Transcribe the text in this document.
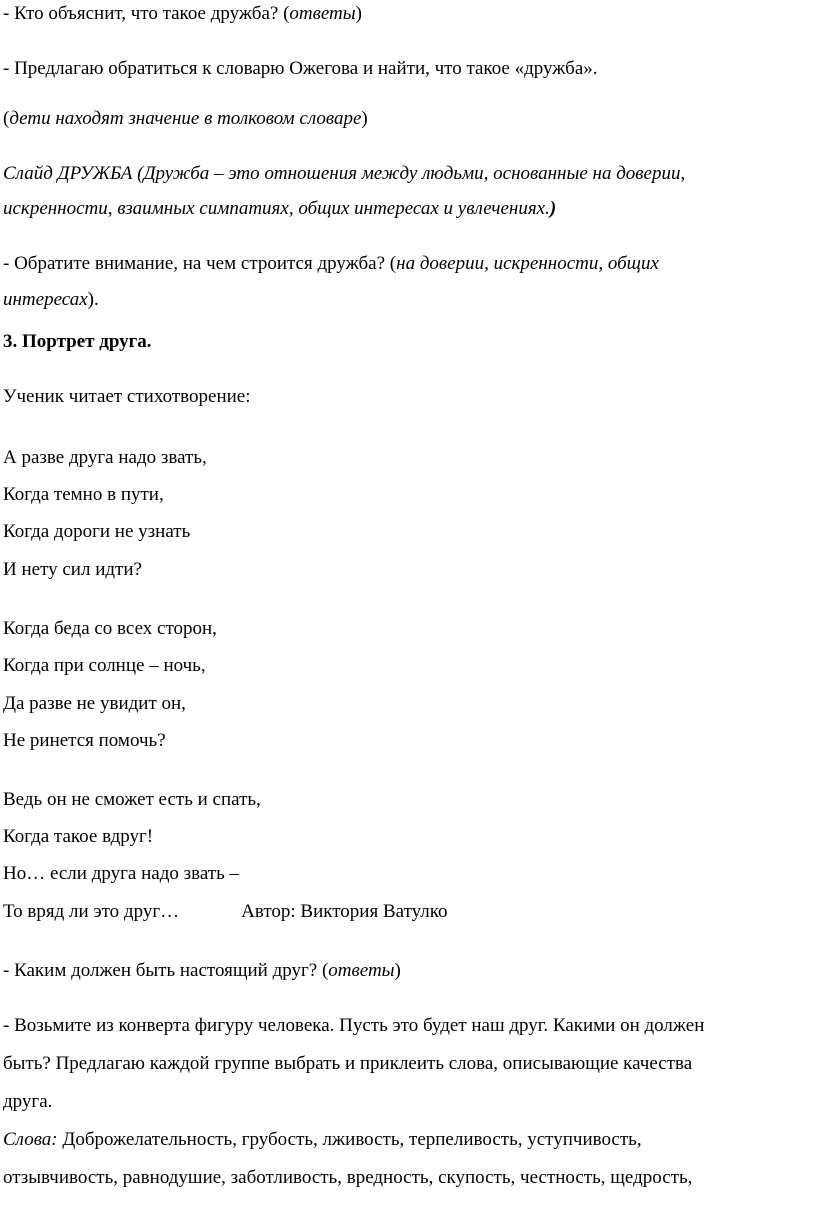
- Кто объяснит, что такое дружба? (ответы)
- Предлагаю обратиться к словарю Ожегова и найти, что такое «дружба».
(дети находят значение в толковом словаре)
Слайд ДРУЖБА (Дружба – это отношения между людьми, основанные на доверии,
искренности, взаимных симпатиях, общих интересах и увлечениях.)
- Обратите внимание, на чем строится дружба? (на доверии, искренности, общих
интересах).
3. Портрет друга.
Ученик читает стихотворение:
А разве друга надо звать,
Когда темно в пути,
Когда дороги не узнать
И нету сил идти?
Когда беда со всех сторон,
Когда при солнце – ночь,
Да разве не увидит он,
Не ринется помочь?
Ведь он не сможет есть и спать,
Когда такое вдруг!
Но… если друга надо звать –
То вряд ли это друг…	Автор: Виктория Ватулко
- Каким должен быть настоящий друг? (ответы)
- Возьмите из конверта фигуру человека. Пусть это будет наш друг. Какими он должен
быть? Предлагаю каждой группе выбрать и приклеить слова, описывающие качества
друга.
Слова: Доброжелательность, грубость, лживость, терпеливость, уступчивость,
отзывчивость, равнодушие, заботливость, вредность, скупость, честность, щедрость,
